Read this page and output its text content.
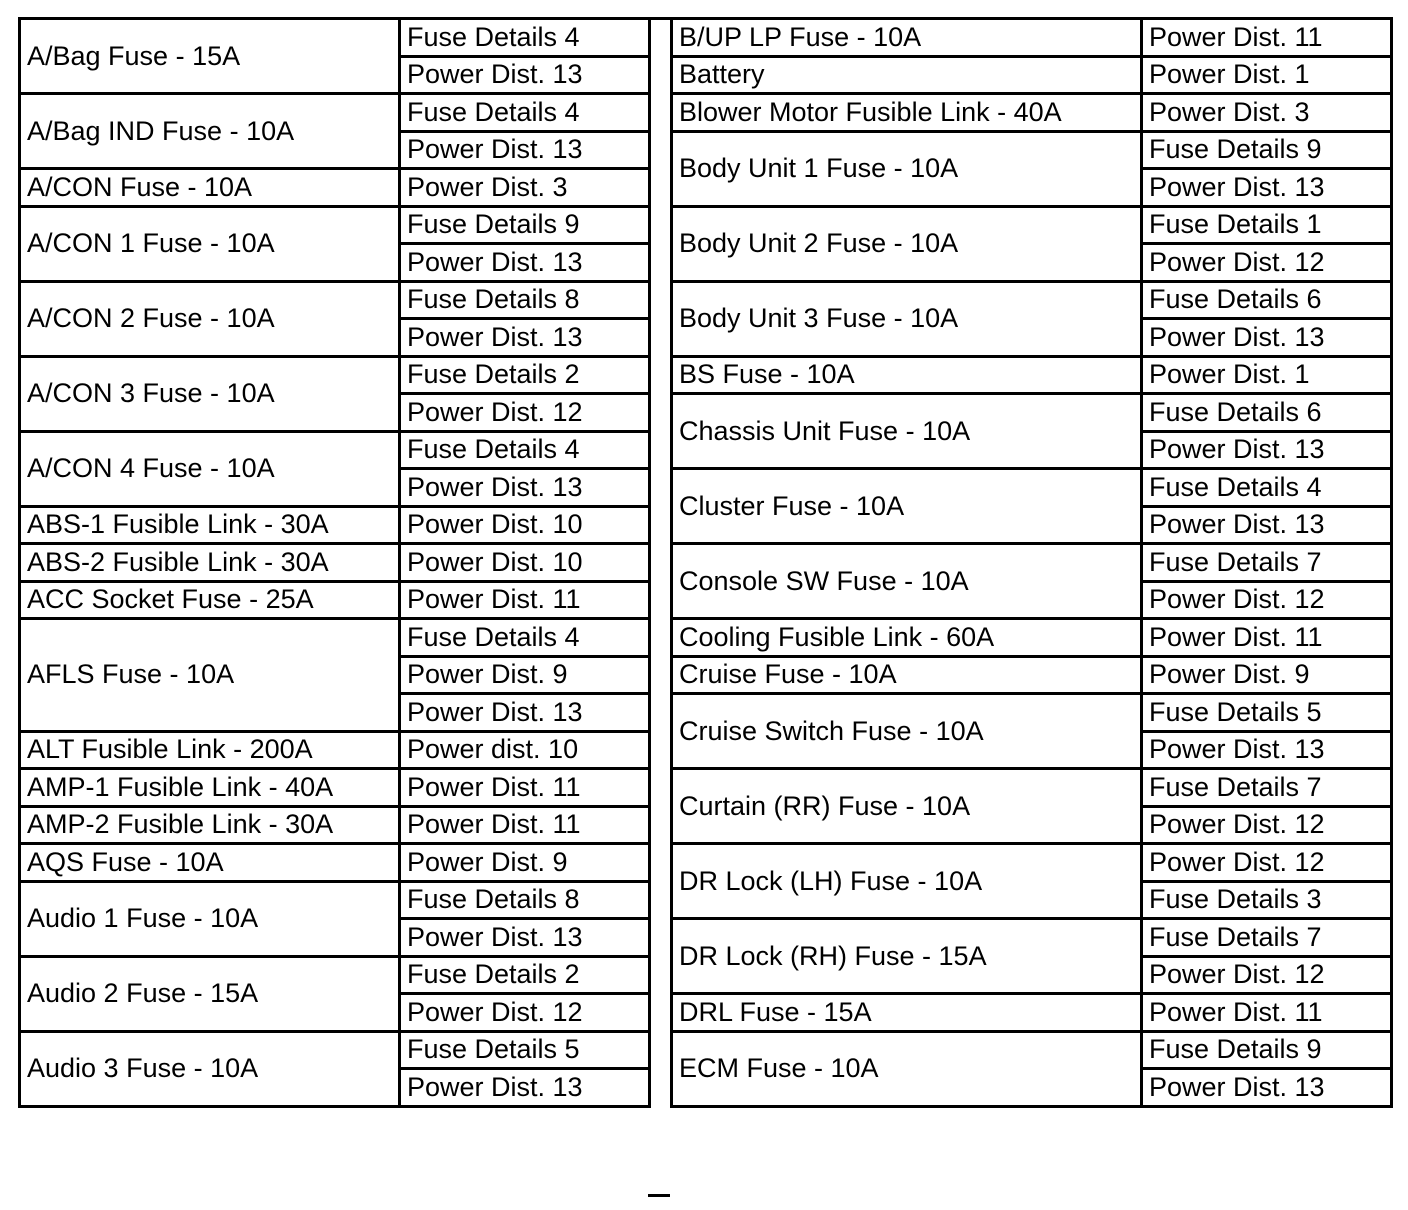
A/Bag Fuse - 15A	Fuse Details 4
	Power Dist. 13
A/Bag IND Fuse - 10A	Fuse Details 4
	Power Dist. 13
A/CON Fuse - 10A	Power Dist. 3
A/CON 1 Fuse - 10A	Fuse Details 9
	Power Dist. 13
A/CON 2 Fuse - 10A	Fuse Details 8
	Power Dist. 13
A/CON 3 Fuse - 10A	Fuse Details 2
	Power Dist. 12
A/CON 4 Fuse - 10A	Fuse Details 4
	Power Dist. 13
ABS-1 Fusible Link - 30A	Power Dist. 10
ABS-2 Fusible Link - 30A	Power Dist. 10
ACC Socket Fuse - 25A	Power Dist. 11
AFLS Fuse - 10A	Fuse Details 4
	Power Dist. 9
	Power Dist. 13
ALT Fusible Link - 200A	Power dist. 10
AMP-1 Fusible Link - 40A	Power Dist. 11
AMP-2 Fusible Link - 30A	Power Dist. 11
AQS Fuse - 10A	Power Dist. 9
Audio 1 Fuse - 10A	Fuse Details 8
	Power Dist. 13
Audio 2 Fuse - 15A	Fuse Details 2
	Power Dist. 12
Audio 3 Fuse - 10A	Fuse Details 5
	Power Dist. 13
B/UP LP Fuse - 10A	Power Dist. 11
Battery	Power Dist. 1
Blower Motor Fusible Link - 40A	Power Dist. 3
Body Unit 1 Fuse - 10A	Fuse Details 9
	Power Dist. 13
Body Unit 2 Fuse - 10A	Fuse Details 1
	Power Dist. 12
Body Unit 3 Fuse - 10A	Fuse Details 6
	Power Dist. 13
BS Fuse - 10A	Power Dist. 1
Chassis Unit Fuse - 10A	Fuse Details 6
	Power Dist. 13
Cluster Fuse - 10A	Fuse Details 4
	Power Dist. 13
Console SW Fuse - 10A	Fuse Details 7
	Power Dist. 12
Cooling Fusible Link - 60A	Power Dist. 11
Cruise Fuse - 10A	Power Dist. 9
Cruise Switch Fuse - 10A	Fuse Details 5
	Power Dist. 13
Curtain (RR) Fuse - 10A	Fuse Details 7
	Power Dist. 12
DR Lock (LH) Fuse - 10A	Power Dist. 12
	Fuse Details 3
DR Lock (RH) Fuse - 15A	Fuse Details 7
	Power Dist. 12
DRL Fuse - 15A	Power Dist. 11
ECM Fuse - 10A	Fuse Details 9
	Power Dist. 13
